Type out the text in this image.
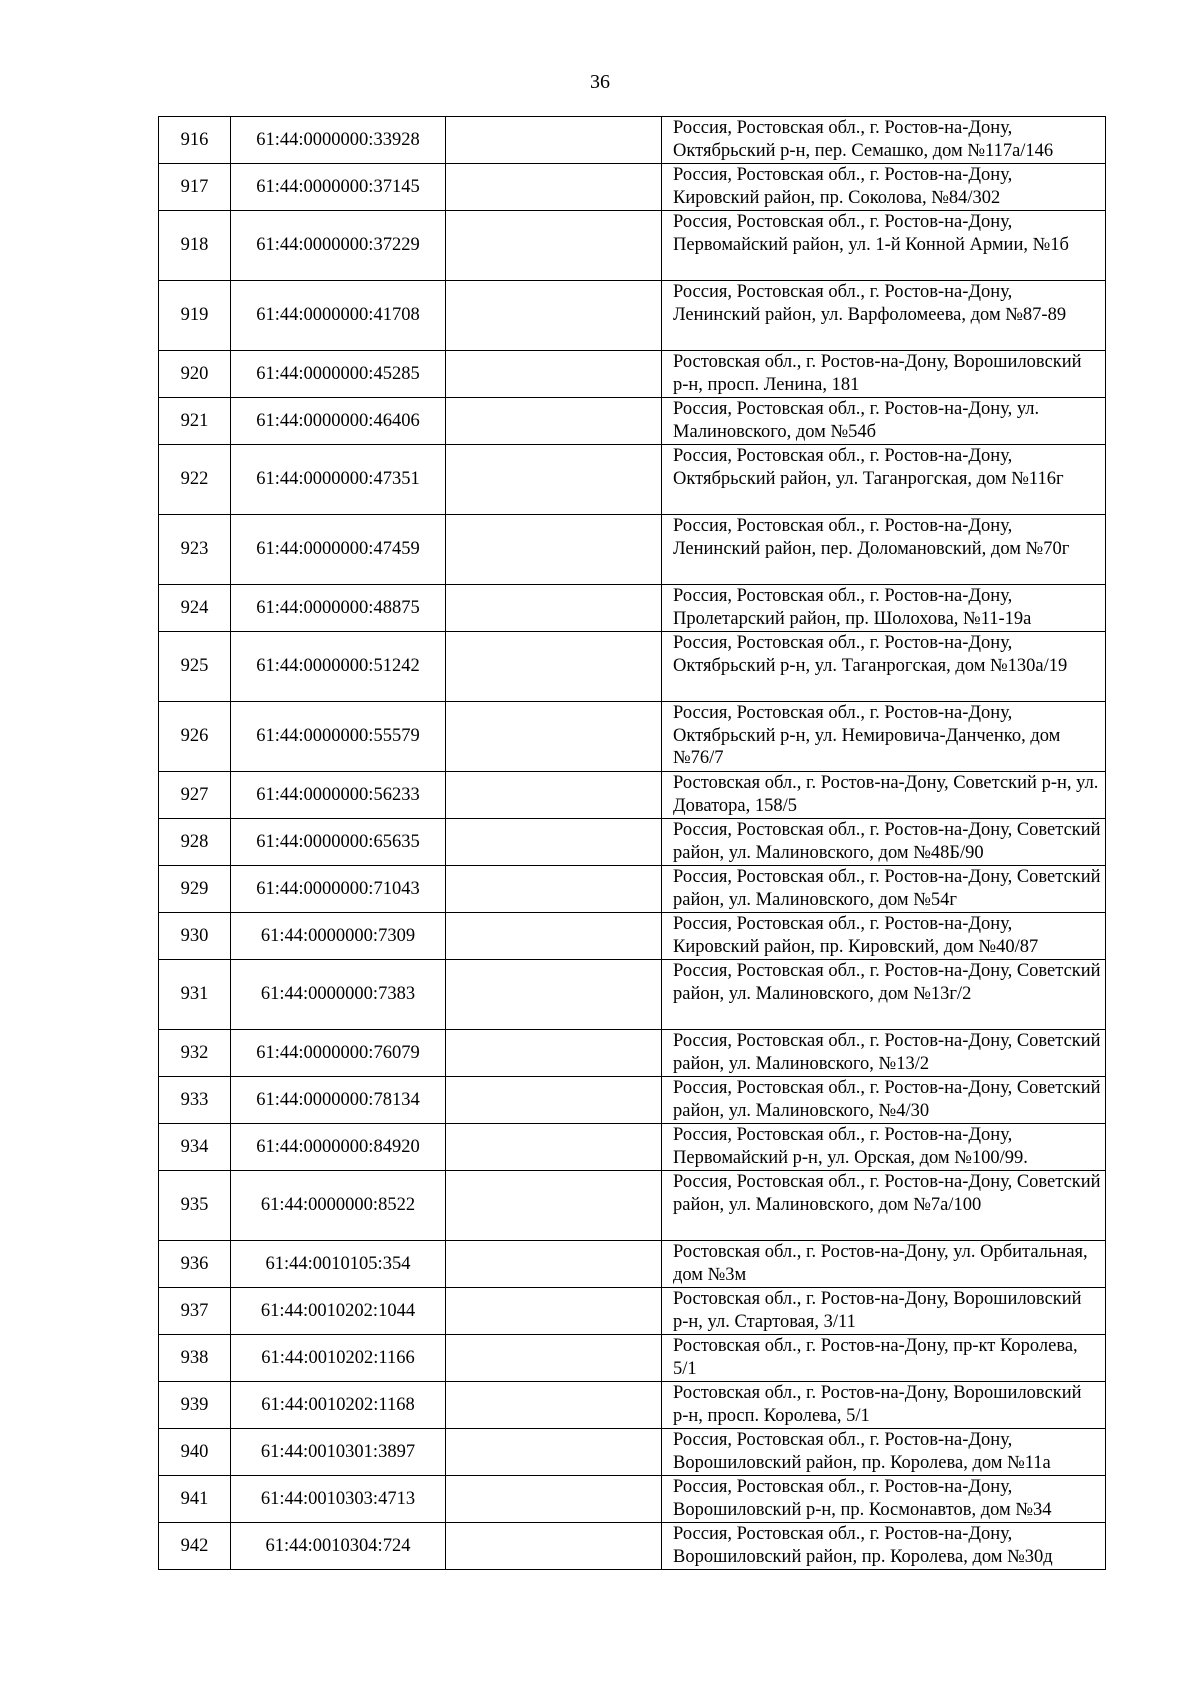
36
916	61:44:0000000:33928		Россия, Ростовская обл., г. Ростов-на-Дону, Октябрьский р-н, пер. Семашко, дом №117а/146

917	61:44:0000000:37145		Россия, Ростовская обл., г. Ростов-на-Дону, Кировский район, пр. Соколова, №84/302

918	61:44:0000000:37229		Россия, Ростовская обл., г. Ростов-на-Дону, Первомайский район, ул. 1-й Конной Армии, №1б

919	61:44:0000000:41708		Россия, Ростовская обл., г. Ростов-на-Дону, Ленинский район, ул. Варфоломеева, дом №87-89

920	61:44:0000000:45285		Ростовская обл., г. Ростов-на-Дону, Ворошиловский р-н, просп. Ленина, 181

921	61:44:0000000:46406		Россия, Ростовская обл., г. Ростов-на-Дону, ул. Малиновского, дом №54б

922	61:44:0000000:47351		Россия, Ростовская обл., г. Ростов-на-Дону, Октябрьский район, ул. Таганрогская, дом №116г

923	61:44:0000000:47459		Россия, Ростовская обл., г. Ростов-на-Дону, Ленинский район, пер. Доломановский, дом №70г

924	61:44:0000000:48875		Россия, Ростовская обл., г. Ростов-на-Дону, Пролетарский район, пр. Шолохова, №11-19а

925	61:44:0000000:51242		Россия, Ростовская обл., г. Ростов-на-Дону, Октябрьский р-н, ул. Таганрогская, дом №130а/19

926	61:44:0000000:55579		Россия, Ростовская обл., г. Ростов-на-Дону, Октябрьский р-н, ул. Немировича-Данченко, дом №76/7

927	61:44:0000000:56233		Ростовская обл., г. Ростов-на-Дону, Советский р-н, ул. Доватора, 158/5

928	61:44:0000000:65635		Россия, Ростовская обл., г. Ростов-на-Дону, Советский район, ул. Малиновского, дом №48Б/90

929	61:44:0000000:71043		Россия, Ростовская обл., г. Ростов-на-Дону, Советский район, ул. Малиновского, дом №54г

930	61:44:0000000:7309		Россия, Ростовская обл., г. Ростов-на-Дону, Кировский район, пр. Кировский, дом №40/87

931	61:44:0000000:7383		Россия, Ростовская обл., г. Ростов-на-Дону, Советский район, ул. Малиновского, дом №13г/2

932	61:44:0000000:76079		Россия, Ростовская обл., г. Ростов-на-Дону, Советский район, ул. Малиновского, №13/2

933	61:44:0000000:78134		Россия, Ростовская обл., г. Ростов-на-Дону, Советский район, ул. Малиновского, №4/30

934	61:44:0000000:84920		Россия, Ростовская обл., г. Ростов-на-Дону, Первомайский р-н, ул. Орская, дом №100/99.

935	61:44:0000000:8522		Россия, Ростовская обл., г. Ростов-на-Дону, Советский район, ул. Малиновского, дом №7а/100

936	61:44:0010105:354		Ростовская обл., г. Ростов-на-Дону, ул. Орбитальная, дом №3м

937	61:44:0010202:1044		Ростовская обл., г. Ростов-на-Дону, Ворошиловский р-н, ул. Стартовая, 3/11

938	61:44:0010202:1166		Ростовская обл., г. Ростов-на-Дону, пр-кт Королева, 5/1

939	61:44:0010202:1168		Ростовская обл., г. Ростов-на-Дону, Ворошиловский р-н, просп. Королева, 5/1

940	61:44:0010301:3897		Россия, Ростовская обл., г. Ростов-на-Дону, Ворошиловский район, пр. Королева, дом №11а

941	61:44:0010303:4713		Россия, Ростовская обл., г. Ростов-на-Дону, Ворошиловский р-н, пр. Космонавтов, дом №34

942	61:44:0010304:724		Россия, Ростовская обл., г. Ростов-на-Дону, Ворошиловский район, пр. Королева, дом №30д
